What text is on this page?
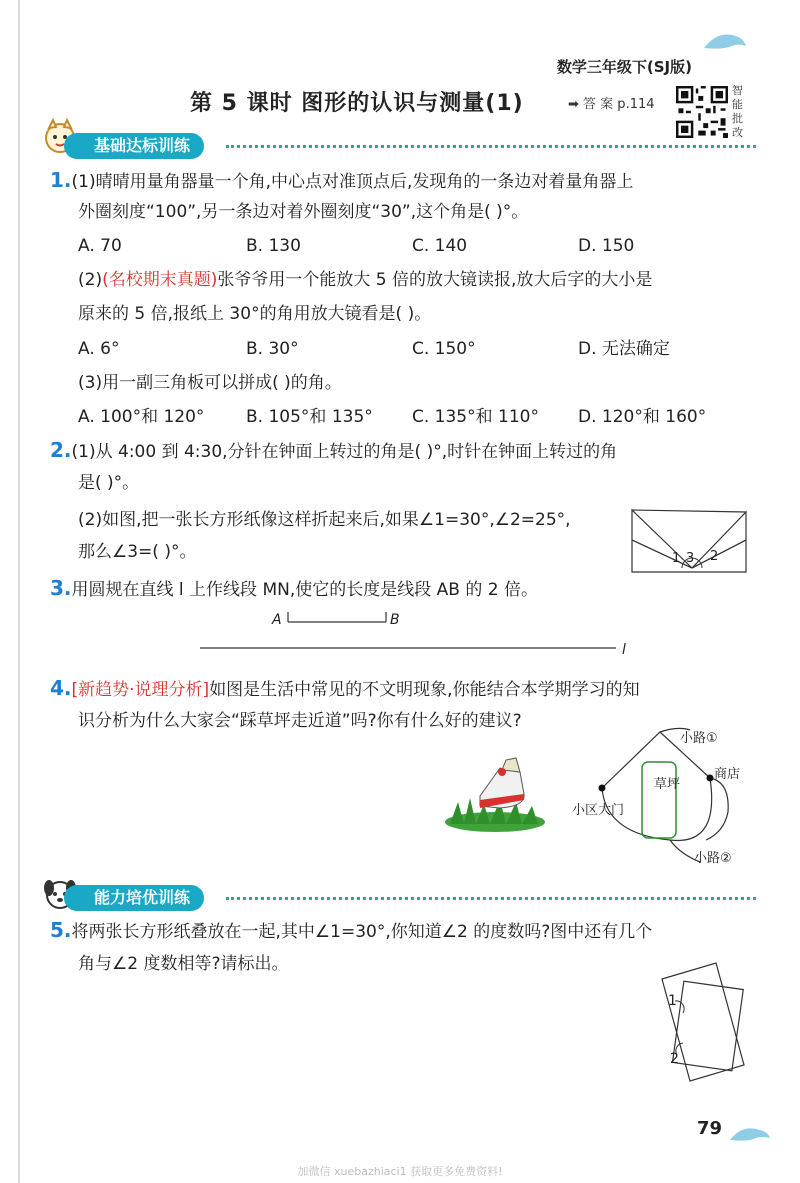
数学三年级下(SJ版)
第 5 课时 图形的认识与测量(1)	➡ 答 案 p.114
智能批改
基础达标训练
1.(1)晴晴用量角器量一个角,中心点对准顶点后,发现角的一条边对着量角器上
外圈刻度“100”,另一条边对着外圈刻度“30”,这个角是( )°。
A. 70	B. 130	C. 140	D. 150
(2)(名校期末真题)张爷爷用一个能放大 5 倍的放大镜读报,放大后字的大小是
原来的 5 倍,报纸上 30°的角用放大镜看是( )。
A. 6°	B. 30°	C. 150°	D. 无法确定
(3)用一副三角板可以拼成( )的角。
A. 100°和 120° B. 105°和 135° C. 135°和 110° D. 120°和 160°
2.(1)从 4:00 到 4:30,分针在钟面上转过的角是( )°,时针在钟面上转过的角
是( )°。
(2)如图,把一张长方形纸像这样折起来后,如果∠1=30°,∠2=25°,
那么∠3=( )°。	1 3 2
3.用圆规在直线 l 上作线段 MN,使它的长度是线段 AB 的 2 倍。
A	B
l
4.[新趋势·说理分析]如图是生活中常见的不文明现象,你能结合本学期学习的知
识分析为什么大家会“踩草坪走近道”吗?你有什么好的建议?
草坪
小路①
商店
小区大门
小路②
能力培优训练
5.将两张长方形纸叠放在一起,其中∠1=30°,你知道∠2 的度数吗?图中还有几个
角与∠2 度数相等?请标出。
1
2
79
加微信 xuebazhiaci1 获取更多免费资料!
